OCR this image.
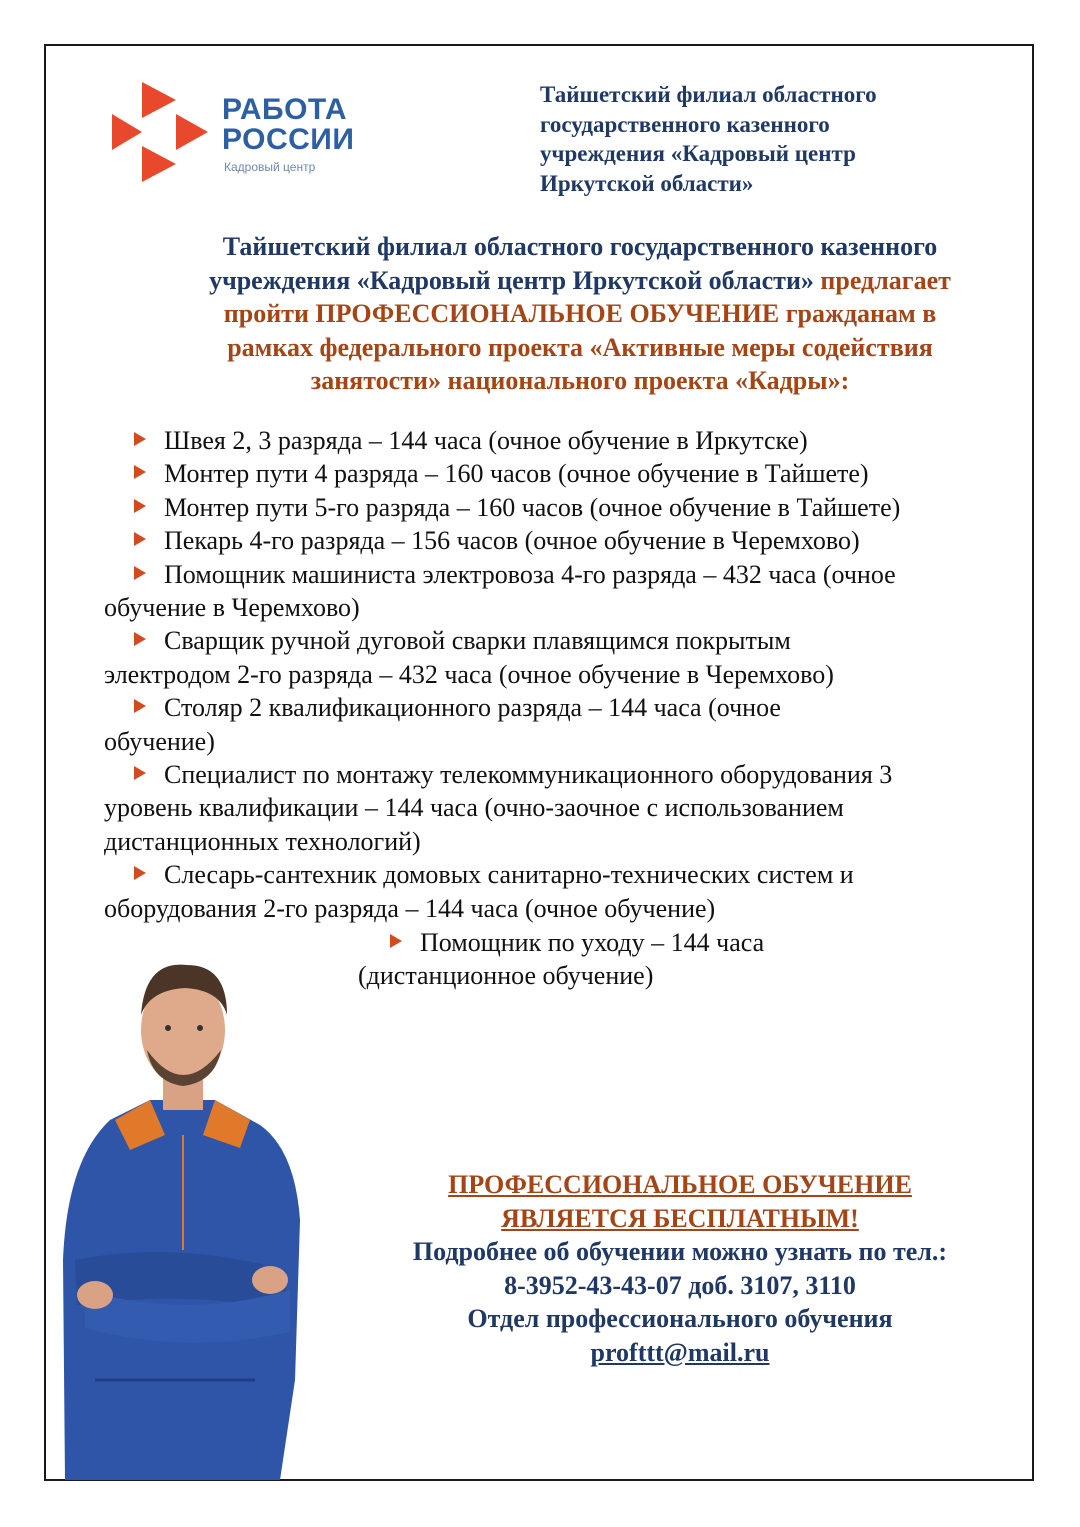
РАБОТА
РОССИИ
Кадровый центр
Тайшетский филиал областного
государственного казенного
учреждения «Кадровый центр
Иркутской области»
Тайшетский филиал областного государственного казенного
учреждения «Кадровый центр Иркутской области» предлагает
пройти ПРОФЕССИОНАЛЬНОЕ ОБУЧЕНИЕ гражданам в
рамках федерального проекта «Активные меры содействия
занятости» национального проекта «Кадры»:
Швея 2, 3 разряда – 144 часа (очное обучение в Иркутске)
Монтер пути 4 разряда – 160 часов (очное обучение в Тайшете)
Монтер пути 5-го разряда – 160 часов (очное обучение в Тайшете)
Пекарь 4-го разряда – 156 часов (очное обучение в Черемхово)
Помощник машиниста электровоза 4-го разряда – 432 часа (очное
обучение в Черемхово)
Сварщик ручной дуговой сварки плавящимся покрытым
электродом 2-го разряда – 432 часа (очное обучение в Черемхово)
Столяр 2 квалификационного разряда – 144 часа (очное
обучение)
Специалист по монтажу телекоммуникационного оборудования 3
уровень квалификации – 144 часа (очно-заочное с использованием
дистанционных технологий)
Слесарь-сантехник домовых санитарно-технических систем и
оборудования 2-го разряда – 144 часа (очное обучение)
Помощник по уходу – 144 часа
(дистанционное обучение)
ПРОФЕССИОНАЛЬНОЕ ОБУЧЕНИЕ
ЯВЛЯЕТСЯ БЕСПЛАТНЫМ!
Подробнее об обучении можно узнать по тел.:
8-3952-43-43-07 доб. 3107, 3110
Отдел профессионального обучения
profttt@mail.ru
